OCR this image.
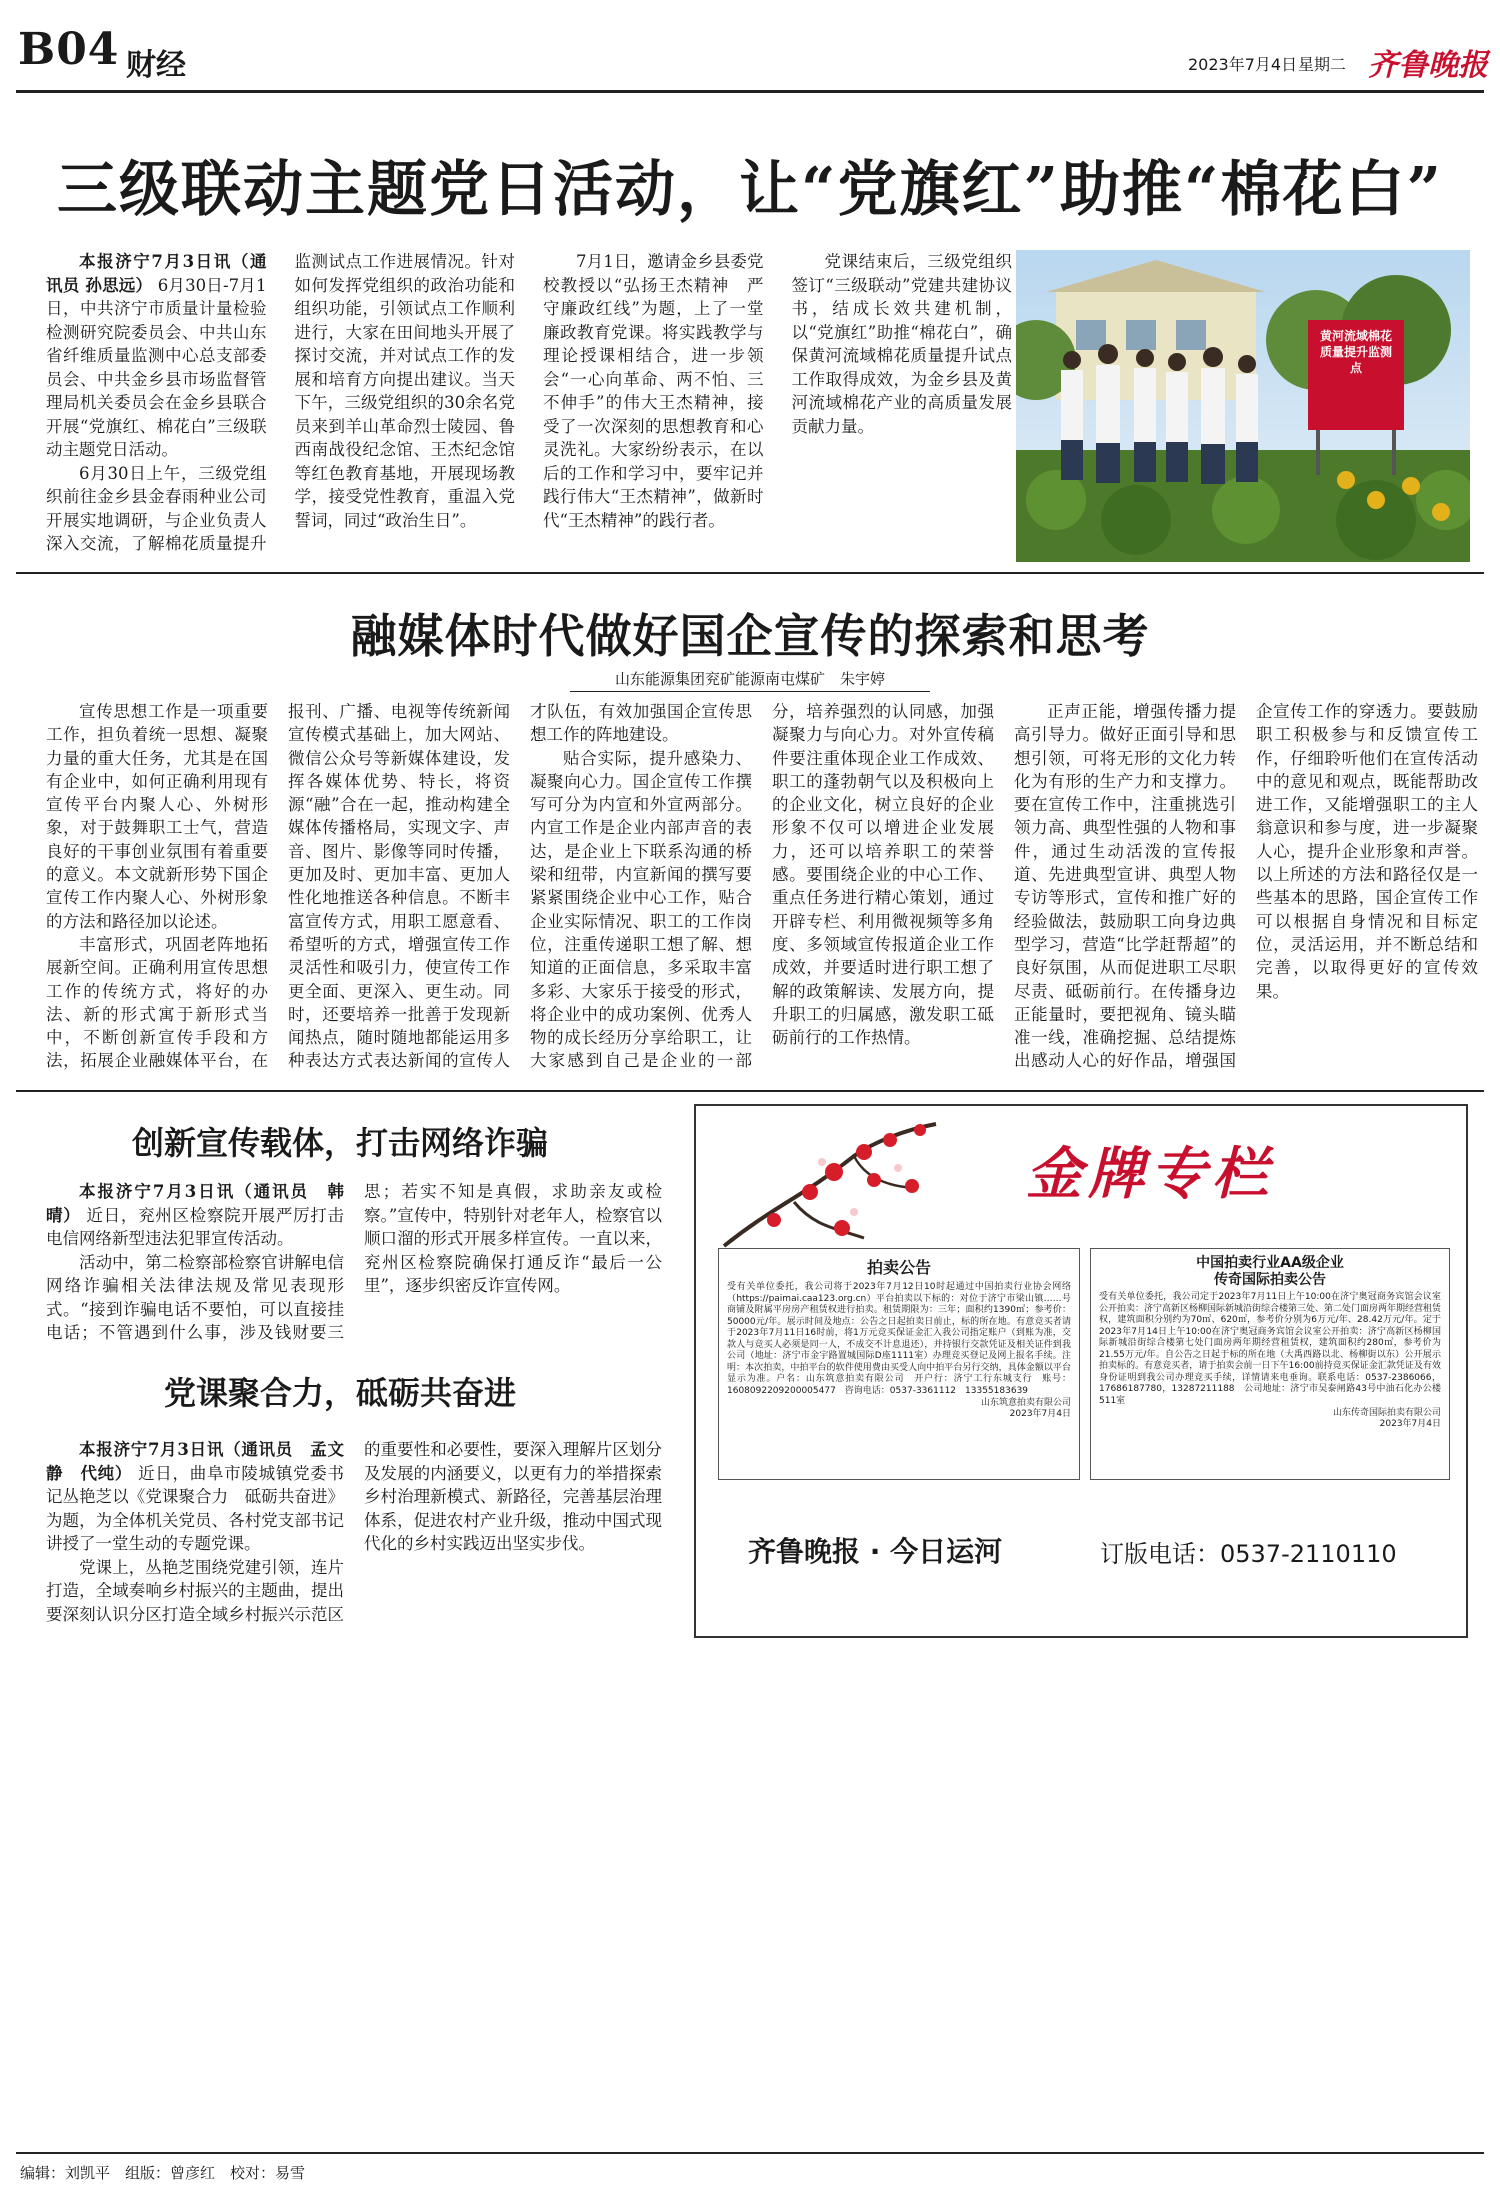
B04 财经	2023年7月4日 星期二 齐鲁晚报
三级联动主题党日活动，让“党旗红”助推“棉花白”

本报济宁7月3日讯（通讯员 孙思远） 6月30日-7月1日，中共济宁市质量计量检验检测研究院委员会、中共山东省纤维质量监测中心总支部委员会、中共金乡县市场监督管理局机关委员会在金乡县联合开展“党旗红、棉花白”三级联动主题党日活动。

6月30日上午，三级党组织前往金乡县金春雨种业公司开展实地调研，与企业负责人深入交流，了解棉花质量提升监测试点工作进展情况。针对如何发挥党组织的政治功能和组织功能，引领试点工作顺利进行，大家在田间地头开展了探讨交流，并对试点工作的发展和培育方向提出建议。当天下午，三级党组织的30余名党员来到羊山革命烈士陵园、鲁西南战役纪念馆、王杰纪念馆等红色教育基地，开展现场教学，接受党性教育，重温入党誓词，同过“政治生日”。

7月1日，邀请金乡县委党校教授以“弘扬王杰精神　严守廉政红线”为题，上了一堂廉政教育党课。将实践教学与理论授课相结合，进一步领会“一心向革命、两不怕、三不伸手”的伟大王杰精神，接受了一次深刻的思想教育和心灵洗礼。大家纷纷表示，在以后的工作和学习中，要牢记并践行伟大“王杰精神”，做新时代“王杰精神”的践行者。

党课结束后，三级党组织签订“三级联动”党建共建协议书，结成长效共建机制，以“党旗红”助推“棉花白”，确保黄河流域棉花质量提升试点工作取得成效，为金乡县及黄河流域棉花产业的高质量发展贡献力量。

黄河流域棉花质量提升监测点
融媒体时代做好国企宣传的探索和思考
山东能源集团兖矿能源南屯煤矿　朱宇婷

宣传思想工作是一项重要工作，担负着统一思想、凝聚力量的重大任务，尤其是在国有企业中，如何正确利用现有宣传平台内聚人心、外树形象，对于鼓舞职工士气，营造良好的干事创业氛围有着重要的意义。本文就新形势下国企宣传工作内聚人心、外树形象的方法和路径加以论述。

丰富形式，巩固老阵地拓展新空间。正确利用宣传思想工作的传统方式，将好的办法、新的形式寓于新形式当中，不断创新宣传手段和方法，拓展企业融媒体平台，在报刊、广播、电视等传统新闻宣传模式基础上，加大网站、微信公众号等新媒体建设，发挥各媒体优势、特长，将资源“融”合在一起，推动构建全媒体传播格局，实现文字、声音、图片、影像等同时传播，更加及时、更加丰富、更加人性化地推送各种信息。不断丰富宣传方式，用职工愿意看、希望听的方式，增强宣传工作灵活性和吸引力，使宣传工作更全面、更深入、更生动。同时，还要培养一批善于发现新闻热点，随时随地都能运用多种表达方式表达新闻的宣传人才队伍，有效加强国企宣传思想工作的阵地建设。

贴合实际，提升感染力、凝聚向心力。国企宣传工作撰写可分为内宣和外宣两部分。内宣工作是企业内部声音的表达，是企业上下联系沟通的桥梁和纽带，内宣新闻的撰写要紧紧围绕企业中心工作，贴合企业实际情况、职工的工作岗位，注重传递职工想了解、想知道的正面信息，多采取丰富多彩、大家乐于接受的形式，将企业中的成功案例、优秀人物的成长经历分享给职工，让大家感到自己是企业的一部分，培养强烈的认同感，加强凝聚力与向心力。对外宣传稿件要注重体现企业工作成效、职工的蓬勃朝气以及积极向上的企业文化，树立良好的企业形象不仅可以增进企业发展力，还可以培养职工的荣誉感。要围绕企业的中心工作、重点任务进行精心策划，通过开辟专栏、利用微视频等多角度、多领域宣传报道企业工作成效，并要适时进行职工想了解的政策解读、发展方向，提升职工的归属感，激发职工砥砺前行的工作热情。

正声正能，增强传播力提高引导力。做好正面引导和思想引领，可将无形的文化力转化为有形的生产力和支撑力。要在宣传工作中，注重挑选引领力高、典型性强的人物和事件，通过生动活泼的宣传报道、先进典型宣讲、典型人物专访等形式，宣传和推广好的经验做法，鼓励职工向身边典型学习，营造“比学赶帮超”的良好氛围，从而促进职工尽职尽责、砥砺前行。在传播身边正能量时，要把视角、镜头瞄准一线，准确挖掘、总结提炼出感动人心的好作品，增强国企宣传工作的穿透力。要鼓励职工积极参与和反馈宣传工作，仔细聆听他们在宣传活动中的意见和观点，既能帮助改进工作，又能增强职工的主人翁意识和参与度，进一步凝聚人心，提升企业形象和声誉。以上所述的方法和路径仅是一些基本的思路，国企宣传工作可以根据自身情况和目标定位，灵活运用，并不断总结和完善，以取得更好的宣传效果。

创新宣传载体，打击网络诈骗

本报济宁7月3日讯（通讯员　韩晴） 近日，兖州区检察院开展严厉打击电信网络新型违法犯罪宣传活动。

活动中，第二检察部检察官讲解电信网络诈骗相关法律法规及常见表现形式。“接到诈骗电话不要怕，可以直接挂电话；不管遇到什么事，涉及钱财要三思；若实不知是真假，求助亲友或检察。”宣传中，特别针对老年人，检察官以顺口溜的形式开展多样宣传。一直以来，兖州区检察院确保打通反诈“最后一公里”，逐步织密反诈宣传网。

党课聚合力，砥砺共奋进

本报济宁7月3日讯（通讯员　孟文静　代纯） 近日，曲阜市陵城镇党委书记丛艳芝以《党课聚合力　砥砺共奋进》为题，为全体机关党员、各村党支部书记讲授了一堂生动的专题党课。

党课上，丛艳芝围绕党建引领，连片打造，全域奏响乡村振兴的主题曲，提出要深刻认识分区打造全域乡村振兴示范区的重要性和必要性，要深入理解片区划分及发展的内涵要义，以更有力的举措探索乡村治理新模式、新路径，完善基层治理体系，促进农村产业升级，推动中国式现代化的乡村实践迈出坚实步伐。

金牌专栏
拍卖公告

受有关单位委托，我公司将于2023年7月12日10时起通过中国拍卖行业协会网络（https://paimai.caa123.org.cn）平台拍卖以下标的：对位于济宁市梁山镇……号商铺及附属平房房产租赁权进行拍卖。租赁期限为：三年；面积约1390㎡；参考价：50000元/年。展示时间及地点：公告之日起拍卖日前止，标的所在地。有意竞买者请于2023年7月11日16时前，将1万元竞买保证金汇入我公司指定账户（到账为准，交款人与竞买人必须是同一人，不成交不计息退还），并持银行交款凭证及相关证件到我公司（地址：济宁市金宇路置城国际D座1111室）办理竞买登记及网上报名手续。注明：本次拍卖，中拍平台的软件使用费由买受人向中拍平台另行交纳，具体金额以平台显示为准。户名：山东筑意拍卖有限公司　开户行：济宁工行东城支行　账号：1608092209200005477　咨询电话：0537-3361112　13355183639

山东筑意拍卖有限公司
2023年7月4日
中国拍卖行业AA级企业
传奇国际拍卖公告

受有关单位委托，我公司定于2023年7月11日上午10:00在济宁奥冠商务宾馆会议室公开拍卖：济宁高新区杨柳国际新城沿街综合楼第三处、第二处门面房两年期经营租赁权，建筑面积分别约为70㎡、620㎡，参考价分别为6万元/年、28.42万元/年。定于2023年7月14日上午10:00在济宁奥冠商务宾馆会议室公开拍卖：济宁高新区杨柳国际新城沿街综合楼第七处门面房两年期经营租赁权，建筑面积约280㎡，参考价为21.55万元/年。自公告之日起于标的所在地（大禹西路以北、杨柳街以东）公开展示拍卖标的。有意竞买者，请于拍卖会前一日下午16:00前持竞买保证金汇款凭证及有效身份证明到我公司办理竞买手续，详情请来电垂询。联系电话：0537-2386066，17686187780，13287211188　公司地址：济宁市吴泰闸路43号中油石化办公楼511室

山东传奇国际拍卖有限公司
2023年7月4日
齐鲁晚报 · 今日运河	订版电话：0537-2110110
编辑：刘凯平　组版：曾彦红　校对：易雪
